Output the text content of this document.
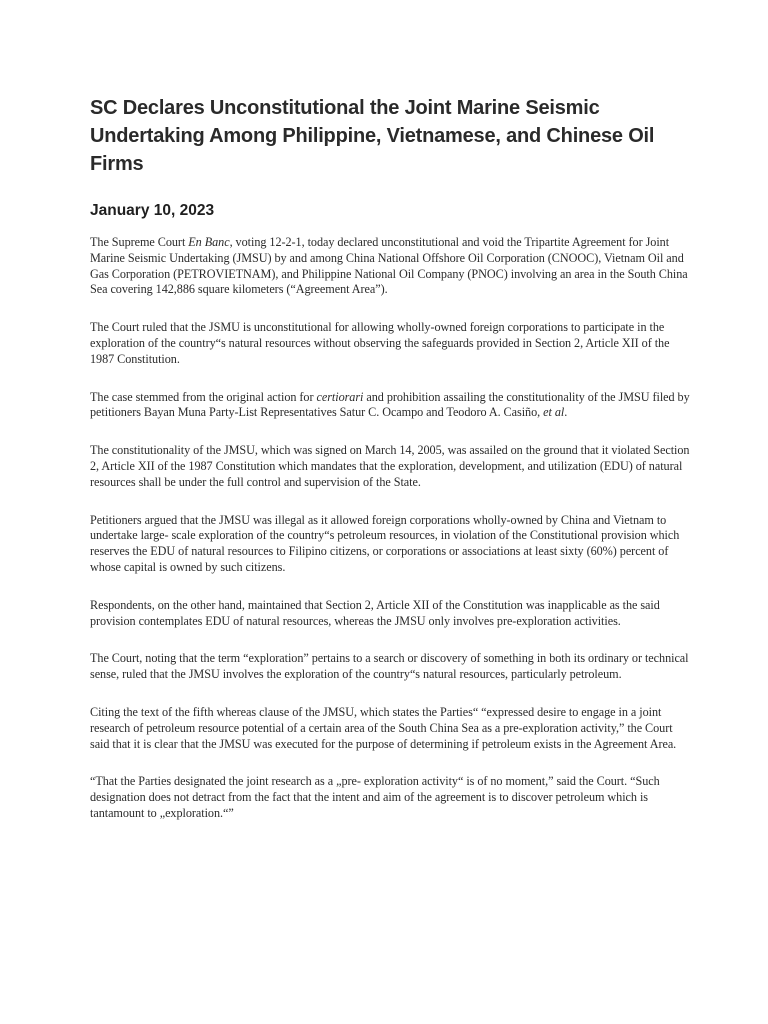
SC Declares Unconstitutional the Joint Marine Seismic Undertaking Among Philippine, Vietnamese, and Chinese Oil Firms
January 10, 2023

The Supreme Court En Banc, voting 12-2-1, today declared unconstitutional and void the Tripartite Agreement for Joint Marine Seismic Undertaking (JMSU) by and among China National Offshore Oil Corporation (CNOOC), Vietnam Oil and Gas Corporation (PETROVIETNAM), and Philippine National Oil Company (PNOC) involving an area in the South China Sea covering 142,886 square kilometers (“Agreement Area”).

The Court ruled that the JSMU is unconstitutional for allowing wholly-owned foreign corporations to participate in the exploration of the country“s natural resources without observing the safeguards provided in Section 2, Article XII of the 1987 Constitution.

The case stemmed from the original action for certiorari and prohibition assailing the constitutionality of the JMSU filed by petitioners Bayan Muna Party-List Representatives Satur C. Ocampo and Teodoro A. Casiño, et al.

The constitutionality of the JMSU, which was signed on March 14, 2005, was assailed on the ground that it violated Section 2, Article XII of the 1987 Constitution which mandates that the exploration, development, and utilization (EDU) of natural resources shall be under the full control and supervision of the State.

Petitioners argued that the JMSU was illegal as it allowed foreign corporations wholly-owned by China and Vietnam to undertake large- scale exploration of the country“s petroleum resources, in violation of the Constitutional provision which reserves the EDU of natural resources to Filipino citizens, or corporations or associations at least sixty (60%) percent of whose capital is owned by such citizens.

Respondents, on the other hand, maintained that Section 2, Article XII of the Constitution was inapplicable as the said provision contemplates EDU of natural resources, whereas the JMSU only involves pre-exploration activities.

The Court, noting that the term “exploration” pertains to a search or discovery of something in both its ordinary or technical sense, ruled that the JMSU involves the exploration of the country“s natural resources, particularly petroleum.

Citing the text of the fifth whereas clause of the JMSU, which states the Parties“ “expressed desire to engage in a joint research of petroleum resource potential of a certain area of the South China Sea as a pre-exploration activity,” the Court said that it is clear that the JMSU was executed for the purpose of determining if petroleum exists in the Agreement Area.

“That the Parties designated the joint research as a „pre- exploration activity“ is of no moment,” said the Court. “Such designation does not detract from the fact that the intent and aim of the agreement is to discover petroleum which is tantamount to „exploration.“”
